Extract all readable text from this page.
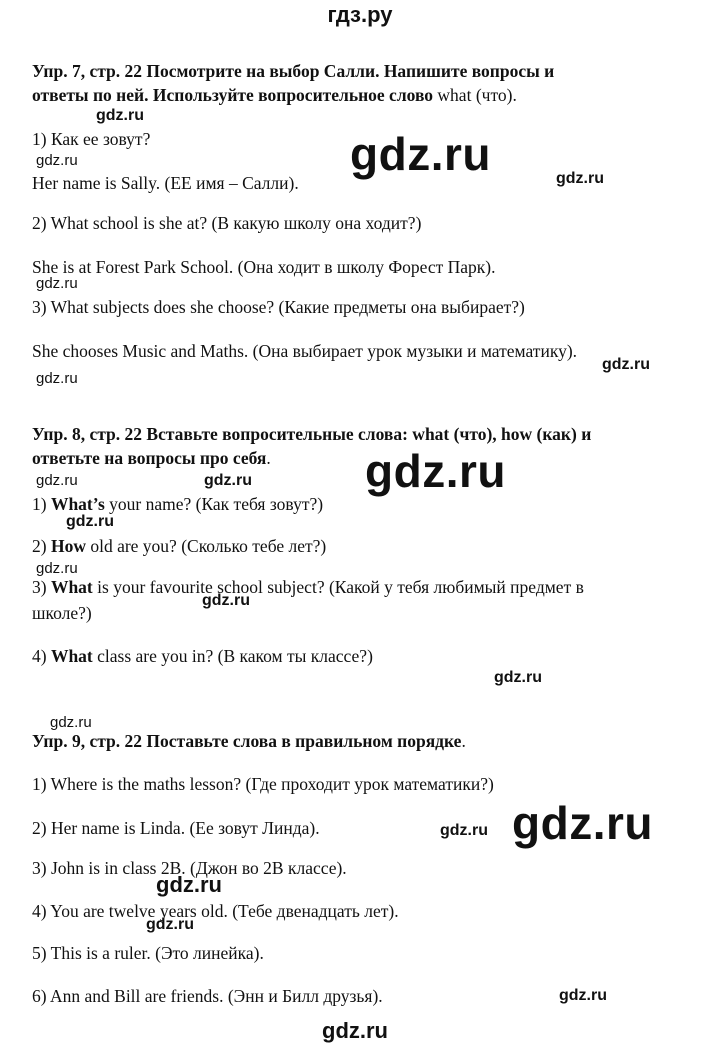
гдз.ру
Упр. 7, стр. 22 Посмотрите на выбор Салли. Напишите вопросы и
ответы по ней. Используйте вопросительное слово what (что).
1) Как ее зовут?
Her name is Sally. (ЕЕ имя – Салли).
2) What school is she at? (В какую школу она ходит?)
She is at Forest Park School. (Она ходит в школу Форест Парк).
3) What subjects does she choose? (Какие предметы она выбирает?)
She chooses Music and Maths. (Она выбирает урок музыки и математику).
Упр. 8, стр. 22 Вставьте вопросительные слова: what (что), how (как) и
ответьте на вопросы про себя.
1) What’s your name? (Как тебя зовут?)
2) How old are you? (Сколько тебе лет?)
3) What is your favourite school subject? (Какой у тебя любимый предмет в
школе?)
4) What class are you in? (В каком ты классе?)
Упр. 9, стр. 22 Поставьте слова в правильном порядке.
1) Where is the maths lesson? (Где проходит урок математики?)
2) Her name is Linda. (Ее зовут Линда).
3) John is in class 2B. (Джон во 2В классе).
4) You are twelve years old. (Тебе двенадцать лет).
5) This is a ruler. (Это линейка).
6) Ann and Bill are friends. (Энн и Билл друзья).
gdz.ru
gdz.ru
gdz.ru
gdz.ru
gdz.ru
gdz.ru
gdz.ru
gdz.ru
gdz.ru	gdz.ru
gdz.ru
gdz.ru
gdz.ru
gdz.ru
gdz.ru
gdz.ru gdz.ru
gdz.ru
gdz.ru
gdz.ru
gdz.ru
